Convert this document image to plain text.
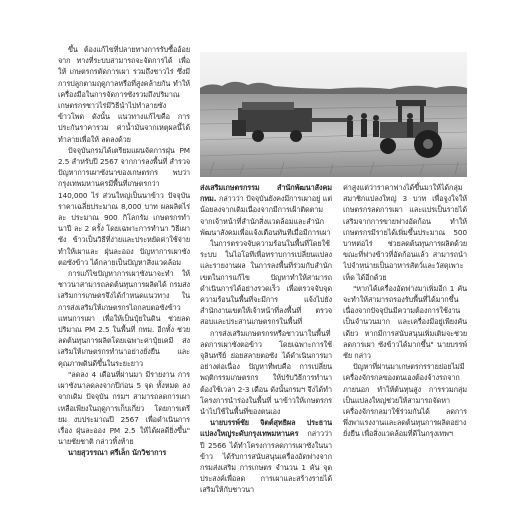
ขึ้น ต้องแก้ไขที่ปลายทางการรับซื้ออ้อยจาก ทางที่ระบบสามารถจะจัดการได้ เพื่อให้ เกษตรกรตัดการเผา รวมถึงชาวไร่ ซึ่งมี การปลูกตามฤดูกาลหรือที่สูงคล้ายกัน ทำให้เครื่องมือในการจัดการซังรวมถึงปริมาณ เกษตรกรชาวไร่มีวิธีนำไปทำลายซังข้าวโพด ดังนั้น แนวทางแก้ไขคือ การประกันราคารวม ค่าน้ำมันจากเหตุผลนี้ได้ทำลายเพื่อให้ ลดลงด้วย

ปัจจุบันกรมได้เตรียมแผนจัดการฝุ่น PM 2.5 สำหรับปี 2567 จากการลงพื้นที่ สำรวจปัญหาการเผาซังนาของเกษตรกร พบว่า กรุงเทพมหานครมีพื้นที่เกษตรกว่า 140,000 ไร่ ส่วนใหญ่เป็นนาข้าว ปัจจุบัน ราคาเฉลี่ยประมาณ 8,000 บาท ผลผลิตไร่ละ ประมาณ 900 กิโลกรัม เกษตรกรทำนาปี ละ 2 ครั้ง โดยเฉพาะการทำนา วิธีเผาซัง ข้าวเป็นวิธีที่ง่ายและประหยัดค่าใช้จ่าย ทำให้เผาและ ฝุ่นละออง ปัญหาการเผาซังตอซังข้าว ได้กลายเป็นปัญหาสิ่งแวดล้อม

การแก้ไขปัญหาการเผาซังนาจะทำ ให้ชาวนาสามารถลดต้นทุนการผลิตได้ กรมส่งเสริมการเกษตรจึงได้กำหนดแนวทาง ในการส่งเสริมให้เกษตรกรไถกลบตอซังข้าว แทนการเผา เพื่อให้เป็นปุ๋ยในดิน ช่วยลด ปริมาณ PM 2.5 ในพื้นที่ กทม. อีกทั้ง ช่วยลดต้นทุนการผลิตโดยเฉพาะค่าปุ๋ยเคมี ส่งเสริมให้เกษตรกรทำนาอย่างยั่งยืน และคุณภาพดินดีขึ้นในระยะยาว

"ลดลง 4 เดือนที่ผ่านมา มีรายงาน การเผาซังนาลดลงจากปีก่อน 5 จุด ทั้งหมด ลงจากเดิม ปัจจุบัน กรมฯ สามารถลดการเผา เหลือเพียงในฤดูการเก็บเกี่ยว โดยการเตรียม งบประมาณปี 2567 เพื่อดำเนินการเรื่อง ฝุ่นละออง PM 2.5 ให้ได้ผลดียิ่งขึ้น" นายชัยชาติ กล่าวทิ้งท้าย

นายสุวรรณา ศรีเล็ก นักวิชาการ

ส่งเสริมเกษตรกรรม สำนักพัฒนาสังคม กทม. กล่าวว่า ปัจจุบันยังคงมีการเผาอยู่ แต่น้อยลงจากเดิมเนื่องจากมีการเฝ้าติดตาม จากเจ้าหน้าที่สำนักสิ่งแวดล้อมและสำนัก พัฒนาสังคมเพื่อแจ้งเตือนทันทีเมื่อมีการเผา

ในการตรวจจับความร้อนในพื้นที่โดยใช้ระบบ ในไอโอทีเพื่อทราบการเปลี่ยนแปลงและรายงานผล ในการลงพื้นที่ร่วมกับสำนักเขตในการแก้ไข ปัญหาทำให้สามารถดำเนินการได้อย่างรวดเร็ว เพื่อตรวจจับจุดความร้อนในพื้นที่จะมีการ แจ้งไปยังสำนักงานเขตให้เจ้าหน้าที่ลงพื้นที่ ตรวจสอบและประสานเกษตรกรในพื้นที่

การส่งเสริมเกษตรกรหรือชาวนาในพื้นที่ ลดการเผาซังตอข้าว โดยเฉพาะการใช้จุลินทรีย์ ย่อยสลายตอซัง ได้ดำเนินการมาอย่างต่อเนื่อง ปัญหาที่พบคือ การเปลี่ยนพฤติกรรมเกษตรกร ให้ปรับวิธีการทำนาต้องใช้เวลา 2-3 เดือน ดังนั้นกรมฯ จึงได้ทำโครงการนำร่องในพื้นที่ นาข้าวให้เกษตรกรนำไปใช้ในพื้นที่ของตนเอง

นายบรรพ์ชัย จิตต์สุทธิผล ประธาน แปลงใหญ่ระดับกรุงเทพมหานคร กล่าวว่า ปี 2566 ได้ทำโครงการลดการเผาซังในนาข้าว ได้รับการสนับสนุนเครื่องอัดฟางจากกรมส่งเสริม การเกษตร จำนวน 1 คัน จุดประสงค์เพื่อลด การเผาและสร้างรายได้เสริมให้กับชาวนา

ค่าสูงแต่ว่าราคาฟางได้ขึ้นมาให้ได้กลุ่มสมาชิกแปลงใหญ่ 3 บาท เพื่อจูงใจให้เกษตรกรลดการเผา และแปรเป็นรายได้เสริมจากการขายฟางอัดก้อน ทำให้เกษตรกรมีรายได้เพิ่มขึ้นประมาณ 500 บาทต่อไร่ ช่วยลดต้นทุนการผลิตด้วย ขณะที่ฟางข้าวที่อัดก้อนแล้ว สามารถนำไปจำหน่ายเป็นอาหารสัตว์และวัสดุเพาะเห็ด ได้อีกด้วย

"หากได้เครื่องอัดฟางมาเพิ่มอีก 1 คัน จะทำให้สามารถรองรับพื้นที่ได้มากขึ้น เนื่องจากปัจจุบันมีความต้องการใช้งาน เป็นจำนวนมาก และเครื่องมีอยู่เพียงคันเดียว หากมีการสนับสนุนเพิ่มเติมจะช่วยลดการเผา ซังข้าวได้มากขึ้น" นายบรรพ์ชัย กล่าว

ปัญหาที่ผ่านมาเกษตรกรรายย่อยไม่มีเครื่องจักรกลของตนเองต้องจ้างรถจากภายนอก ทำให้ต้นทุนสูง การรวมกลุ่มเป็นแปลงใหญ่ช่วยให้สามารถจัดหาเครื่องจักรกลมาใช้ร่วมกันได้ ลดการพึ่งพาแรงงานและลดต้นทุนการผลิตอย่างยั่งยืน เพื่อสิ่งแวดล้อมที่ดีในกรุงเทพฯ
